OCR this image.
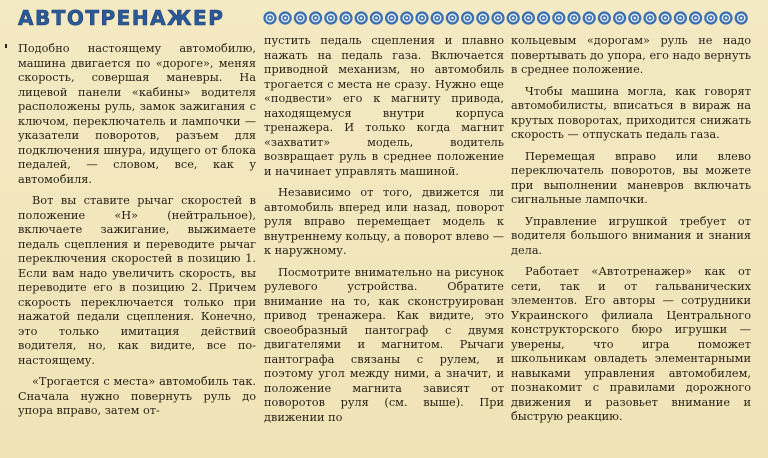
АВТОТРЕНАЖЕР

Подобно настоящему автомобилю, машина двигается по «дороге», меняя скорость, совершая маневры. На лицевой панели «кабины» водителя расположены руль, замок зажигания с ключом, переключатель и лампочки — указатели поворотов, разъем для подключения шнура, идущего от блока педалей, — словом, все, как у автомобиля.

Вот вы ставите рычаг скоростей в положение «Н» (нейтральное), включаете зажигание, выжимаете педаль сцепления и переводите рычаг переключения скоростей в позицию 1. Если вам надо увеличить скорость, вы переводите его в позицию 2. Причем скорость переключается только при нажатой педали сцепления. Конечно, это только имитация действий водителя, но, как видите, все по-настоящему.

«Трогается с места» автомобиль так. Сначала нужно повернуть руль до упора вправо, затем от-

пустить педаль сцепления и плавно нажать на педаль газа. Включается приводной механизм, но автомобиль трогается с места не сразу. Нужно еще «подвести» его к магниту привода, находящемуся внутри корпуса тренажера. И только когда магнит «захватит» модель, водитель возвращает руль в среднее положение и начинает управлять машиной.

Независимо от того, движется ли автомобиль вперед или назад, поворот руля вправо перемещает модель к внутреннему кольцу, а поворот влево — к наружному.

Посмотрите внимательно на рисунок рулевого устройства. Обратите внимание на то, как сконструирован привод тренажера. Как видите, это своеобразный пантограф с двумя двигателями и магнитом. Рычаги пантографа связаны с рулем, и поэтому угол между ними, а значит, и положение магнита зависят от поворотов руля (см. выше). При движении по

кольцевым «дорогам» руль не надо повертывать до упора, его надо вернуть в среднее положение.

Чтобы машина могла, как говорят автомобилисты, вписаться в вираж на крутых поворотах, приходится снижать скорость — отпускать педаль газа.

Перемещая вправо или влево переключатель поворотов, вы можете при выполнении маневров включать сигнальные лампочки.

Управление игрушкой требует от водителя большого внимания и знания дела.

Работает «Автотренажер» как от сети, так и от гальванических элементов. Его авторы — сотрудники Украинского филиала Центрального конструкторского бюро игрушки — уверены, что игра поможет школьникам овладеть элементарными навыками управления автомобилем, познакомит с правилами дорожного движения и разовьет внимание и быструю реакцию.
